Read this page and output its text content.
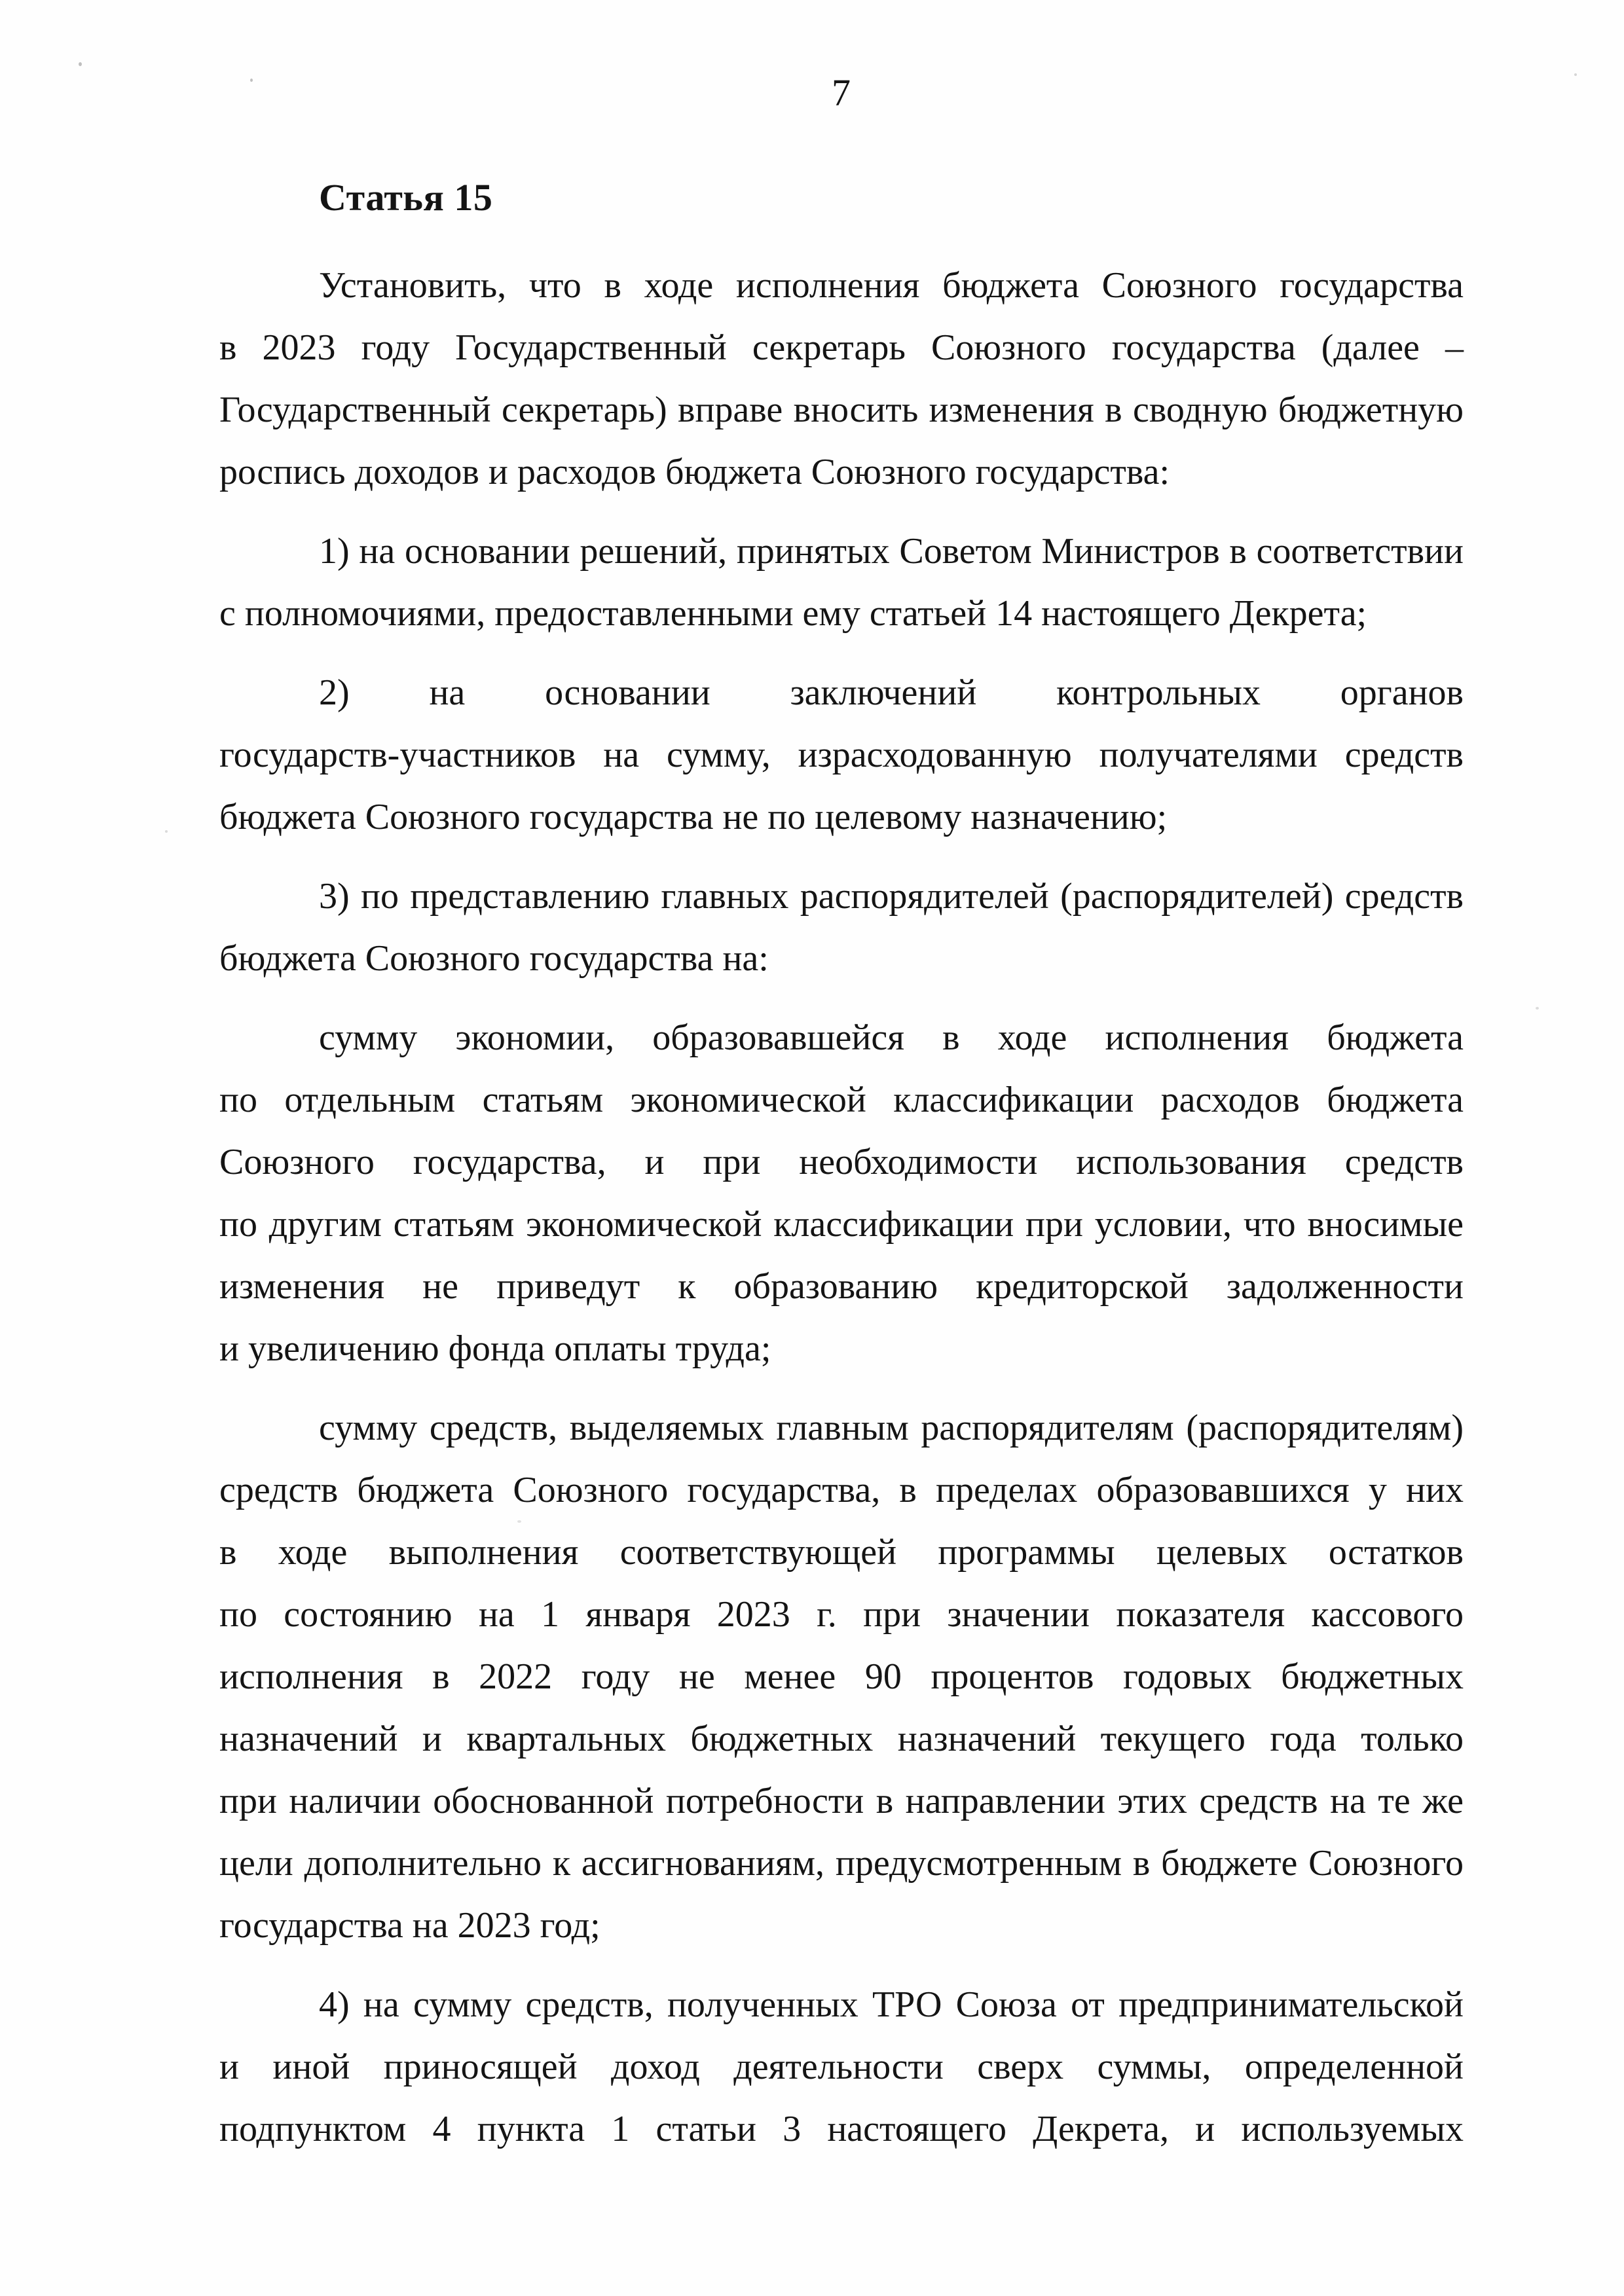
7
Статья 15
Установить, что в ходе исполнения бюджета Союзного государства
в 2023 году Государственный секретарь Союзного государства (далее –
Государственный секретарь) вправе вносить изменения в сводную бюджетную
роспись доходов и расходов бюджета Союзного государства:
1) на основании решений, принятых Советом Министров в соответствии
с полномочиями, предоставленными ему статьей 14 настоящего Декрета;
2) на основании заключений контрольных органов
государств-участников на сумму, израсходованную получателями средств
бюджета Союзного государства не по целевому назначению;
3) по представлению главных распорядителей (распорядителей) средств
бюджета Союзного государства на:
сумму экономии, образовавшейся в ходе исполнения бюджета
по отдельным статьям экономической классификации расходов бюджета
Союзного государства, и при необходимости использования средств
по другим статьям экономической классификации при условии, что вносимые
изменения не приведут к образованию кредиторской задолженности
и увеличению фонда оплаты труда;
сумму средств, выделяемых главным распорядителям (распорядителям)
средств бюджета Союзного государства, в пределах образовавшихся у них
в ходе выполнения соответствующей программы целевых остатков
по состоянию на 1 января 2023 г. при значении показателя кассового
исполнения в 2022 году не менее 90 процентов годовых бюджетных
назначений и квартальных бюджетных назначений текущего года только
при наличии обоснованной потребности в направлении этих средств на те же
цели дополнительно к ассигнованиям, предусмотренным в бюджете Союзного
государства на 2023 год;
4) на сумму средств, полученных ТРО Союза от предпринимательской
и иной приносящей доход деятельности сверх суммы, определенной
подпунктом 4 пункта 1 статьи 3 настоящего Декрета, и используемых
